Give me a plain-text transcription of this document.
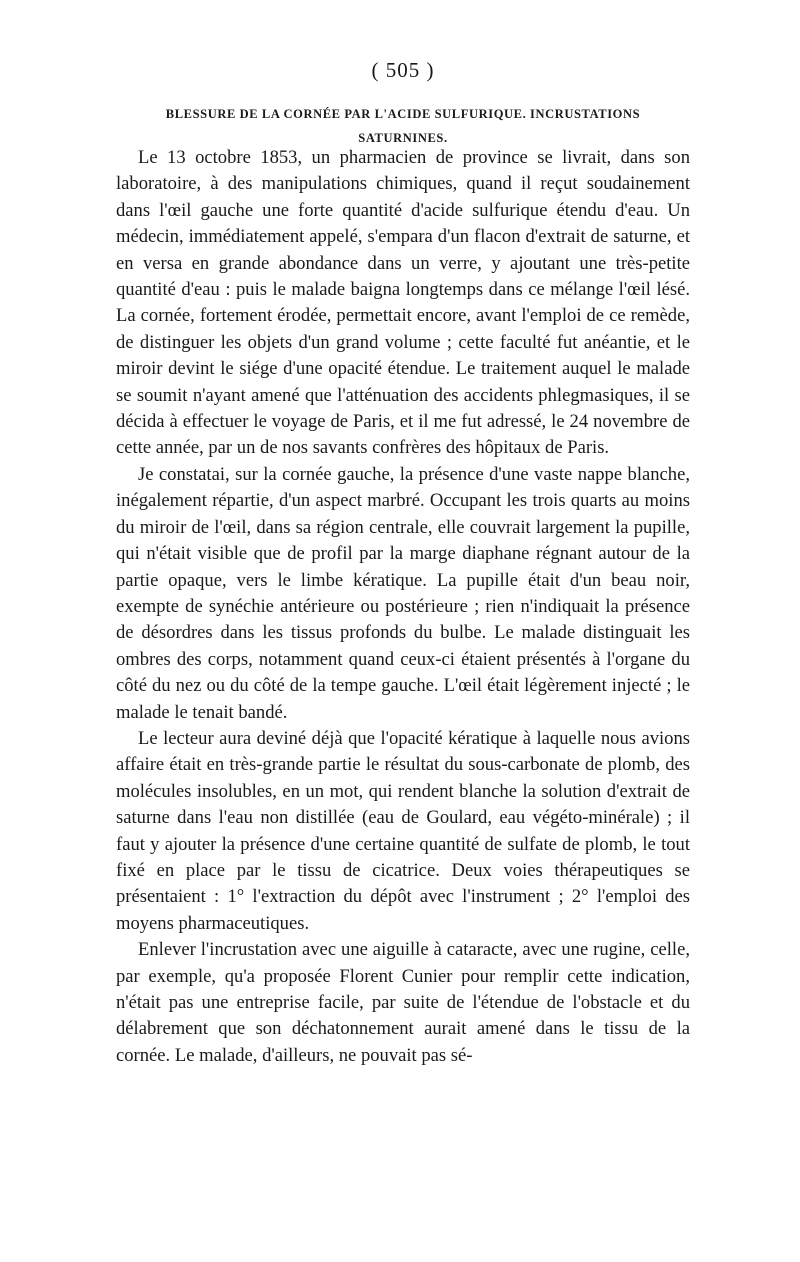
( 505 )
BLESSURE DE LA CORNÉE PAR L'ACIDE SULFURIQUE. INCRUSTATIONS
SATURNINES.

Le 13 octobre 1853, un pharmacien de province se livrait, dans son laboratoire, à des manipulations chimiques, quand il reçut soudainement dans l'œil gauche une forte quantité d'acide sulfurique étendu d'eau. Un médecin, immédiatement appelé, s'empara d'un flacon d'extrait de saturne, et en versa en grande abondance dans un verre, y ajoutant une très-petite quantité d'eau : puis le malade baigna longtemps dans ce mélange l'œil lésé. La cornée, fortement érodée, permettait encore, avant l'emploi de ce remède, de distinguer les objets d'un grand volume ; cette faculté fut anéantie, et le miroir devint le siége d'une opacité étendue. Le traitement auquel le malade se soumit n'ayant amené que l'atténuation des accidents phlegmasiques, il se décida à effectuer le voyage de Paris, et il me fut adressé, le 24 novembre de cette année, par un de nos savants confrères des hôpitaux de Paris.

Je constatai, sur la cornée gauche, la présence d'une vaste nappe blanche, inégalement répartie, d'un aspect marbré. Occupant les trois quarts au moins du miroir de l'œil, dans sa région centrale, elle couvrait largement la pupille, qui n'était visible que de profil par la marge diaphane régnant autour de la partie opaque, vers le limbe kératique. La pupille était d'un beau noir, exempte de synéchie antérieure ou postérieure ; rien n'indiquait la présence de désordres dans les tissus profonds du bulbe. Le malade distinguait les ombres des corps, notamment quand ceux-ci étaient présentés à l'organe du côté du nez ou du côté de la tempe gauche. L'œil était légèrement injecté ; le malade le tenait bandé.

Le lecteur aura deviné déjà que l'opacité kératique à laquelle nous avions affaire était en très-grande partie le résultat du sous-carbonate de plomb, des molécules insolubles, en un mot, qui rendent blanche la solution d'extrait de saturne dans l'eau non distillée (eau de Goulard, eau végéto-minérale) ; il faut y ajouter la présence d'une certaine quantité de sulfate de plomb, le tout fixé en place par le tissu de cicatrice. Deux voies thérapeutiques se présentaient : 1° l'extraction du dépôt avec l'instrument ; 2° l'emploi des moyens pharmaceutiques.

Enlever l'incrustation avec une aiguille à cataracte, avec une rugine, celle, par exemple, qu'a proposée Florent Cunier pour remplir cette indication, n'était pas une entreprise facile, par suite de l'étendue de l'obstacle et du délabrement que son déchatonnement aurait amené dans le tissu de la cornée. Le malade, d'ailleurs, ne pouvait pas sé-
